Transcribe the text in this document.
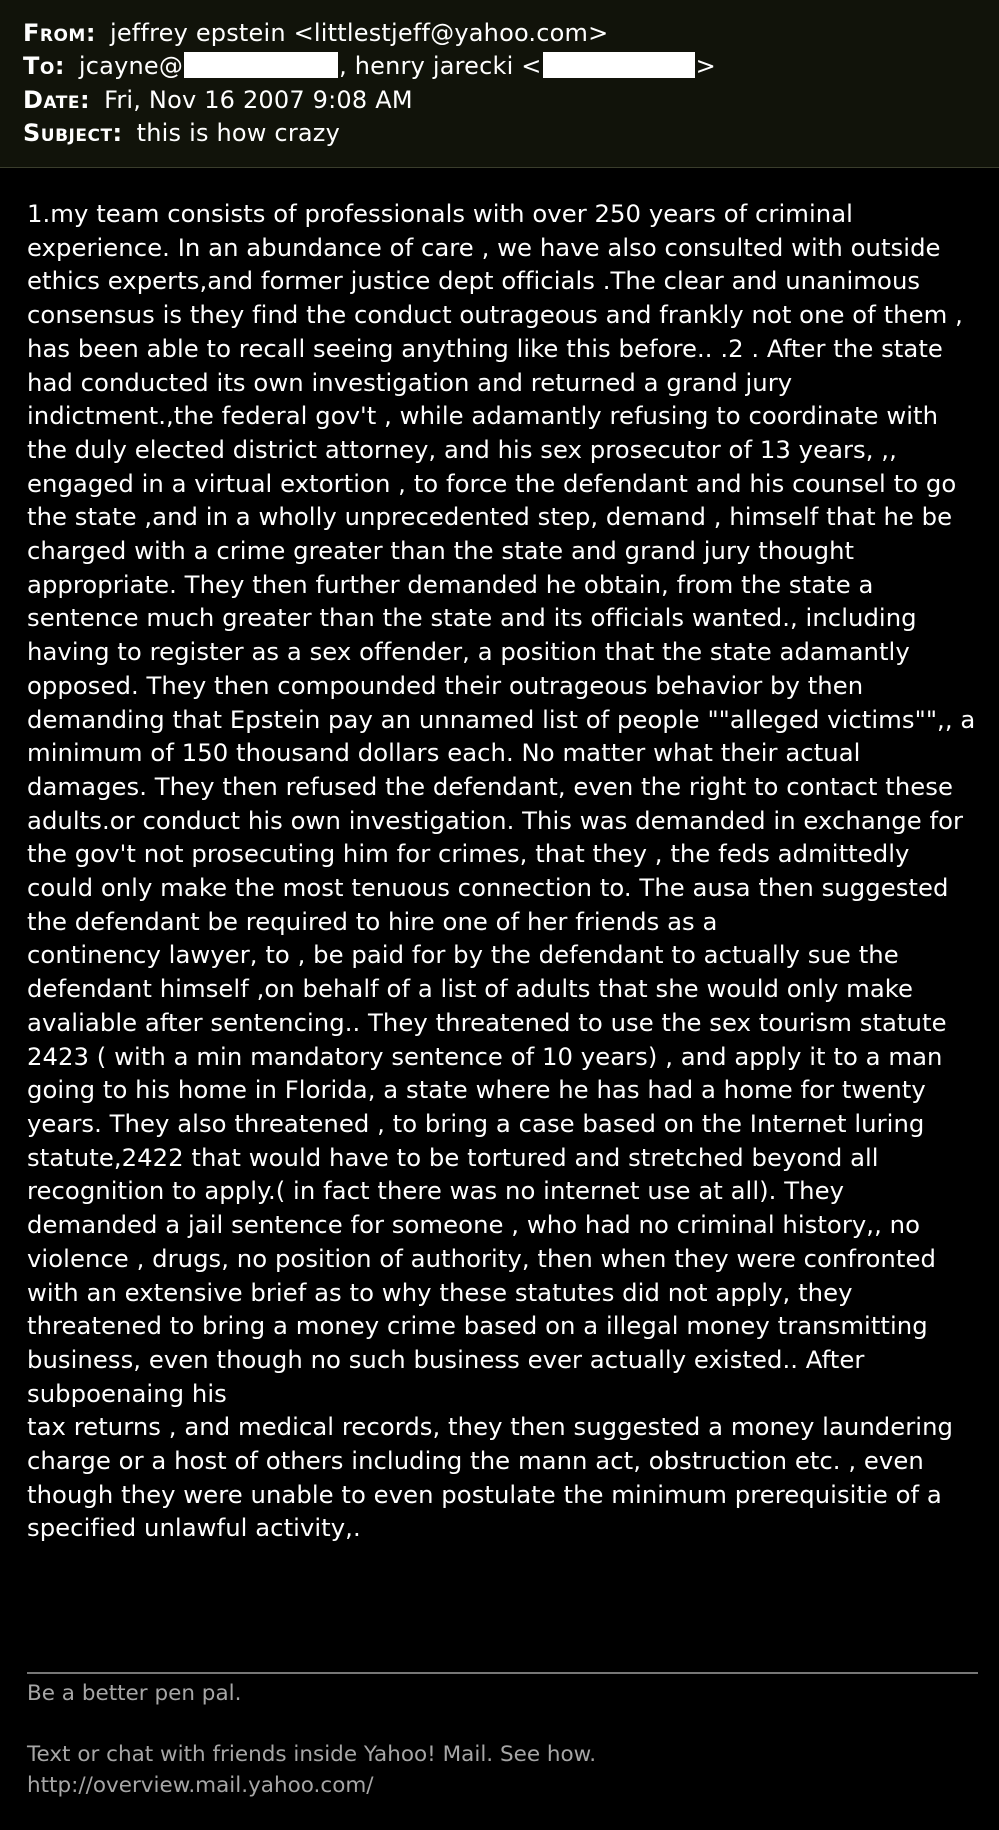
From: jeffrey epstein <littlestjeff@yahoo.com>
To: jcayne@	, henry jarecki <	>
Date: Fri, Nov 16 2007 9:08 AM
Subject: this is how crazy
1.my team consists of professionals with over 250 years of criminal
experience. In an abundance of care , we have also consulted with outside
ethics experts,and former justice dept officials .The clear and unanimous
consensus is they find the conduct outrageous and frankly not one of them ,
has been able to recall seeing anything like this before.. .2 . After the state
had conducted its own investigation and returned a grand jury
indictment.,the federal gov't , while adamantly refusing to coordinate with
the duly elected district attorney, and his sex prosecutor of 13 years, ,,
engaged in a virtual extortion , to force the defendant and his counsel to go
the state ,and in a wholly unprecedented step, demand , himself that he be
charged with a crime greater than the state and grand jury thought
appropriate. They then further demanded he obtain, from the state a
sentence much greater than the state and its officials wanted., including
having to register as a sex offender, a position that the state adamantly
opposed. They then compounded their outrageous behavior by then
demanding that Epstein pay an unnamed list of people ""alleged victims"",, a
minimum of 150 thousand dollars each. No matter what their actual
damages. They then refused the defendant, even the right to contact these
adults.or conduct his own investigation. This was demanded in exchange for
the gov't not prosecuting him for crimes, that they , the feds admittedly
could only make the most tenuous connection to. The ausa then suggested
the defendant be required to hire one of her friends as a
continency lawyer, to , be paid for by the defendant to actually sue the
defendant himself ,on behalf of a list of adults that she would only make
avaliable after sentencing.. They threatened to use the sex tourism statute
2423 ( with a min mandatory sentence of 10 years) , and apply it to a man
going to his home in Florida, a state where he has had a home for twenty
years. They also threatened , to bring a case based on the Internet luring
statute,2422 that would have to be tortured and stretched beyond all
recognition to apply.( in fact there was no internet use at all). They
demanded a jail sentence for someone , who had no criminal history,, no
violence , drugs, no position of authority, then when they were confronted
with an extensive brief as to why these statutes did not apply, they
threatened to bring a money crime based on a illegal money transmitting
business, even though no such business ever actually existed.. After
subpoenaing his
tax returns , and medical records, they then suggested a money laundering
charge or a host of others including the mann act, obstruction etc. , even
though they were unable to even postulate the minimum prerequisitie of a
specified unlawful activity,.
Be a better pen pal.
Text or chat with friends inside Yahoo! Mail. See how.
http://overview.mail.yahoo.com/
